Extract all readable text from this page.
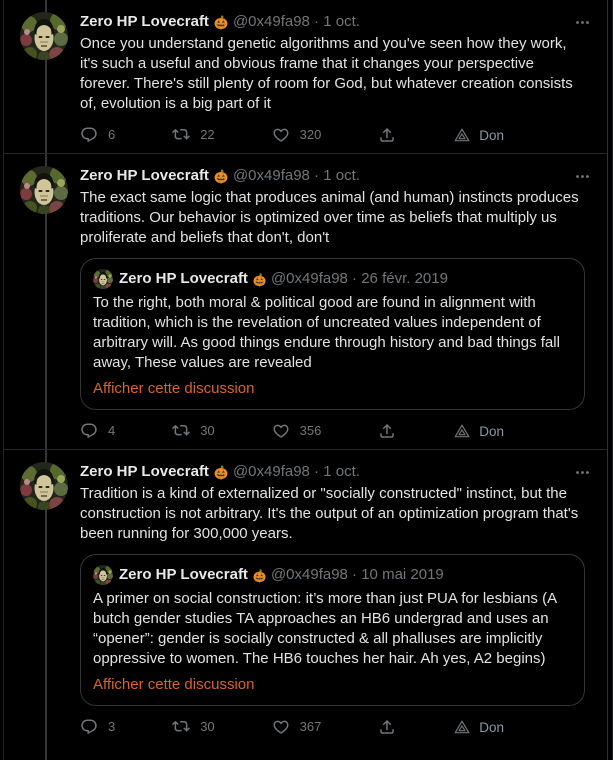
Zero HP Lovecraft @0x49fa98 · 1 oct.
Once you understand genetic algorithms and you've seen how they work, it's such a useful and obvious frame that it changes your perspective forever. There's still plenty of room for God, but whatever creation consists of, evolution is a big part of it
6	22	320	Don
Zero HP Lovecraft @0x49fa98 · 1 oct.
The exact same logic that produces animal (and human) instincts produces traditions. Our behavior is optimized over time as beliefs that multiply us proliferate and beliefs that don't, don't
Zero HP Lovecraft @0x49fa98 · 26 févr. 2019
To the right, both moral & political good are found in alignment with tradition, which is the revelation of uncreated values independent of arbitrary will. As good things endure through history and bad things fall away, These values are revealed
Afficher cette discussion
4	30	356	Don
Zero HP Lovecraft @0x49fa98 · 1 oct.
Tradition is a kind of externalized or "socially constructed" instinct, but the construction is not arbitrary. It's the output of an optimization program that's been running for 300,000 years.
Zero HP Lovecraft @0x49fa98 · 10 mai 2019
A primer on social construction: it’s more than just PUA for lesbians (A butch gender studies TA approaches an HB6 undergrad and uses an “opener”: gender is socially constructed & all phalluses are implicitly oppressive to women. The HB6 touches her hair. Ah yes, A2 begins)
Afficher cette discussion
3	30	367	Don
